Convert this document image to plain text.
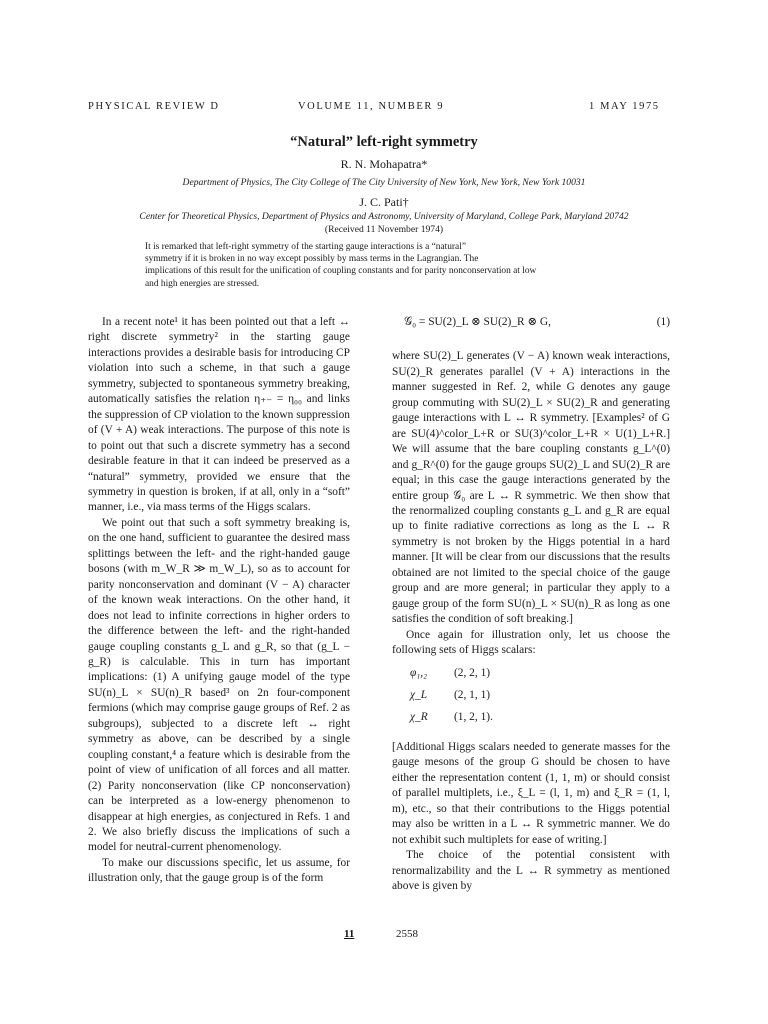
PHYSICAL REVIEW D	VOLUME 11, NUMBER 9	1 MAY 1975
“Natural” left-right symmetry
R. N. Mohapatra*
Department of Physics, The City College of The City University of New York, New York, New York 10031
J. C. Pati†
Center for Theoretical Physics, Department of Physics and Astronomy, University of Maryland, College Park, Maryland 20742
(Received 11 November 1974)

It is remarked that left-right symmetry of the starting gauge interactions is a “natural”

symmetry if it is broken in no way except possibly by mass terms in the Lagrangian. The

implications of this result for the unification of coupling constants and for parity nonconservation at low

and high energies are stressed.

In a recent note¹ it has been pointed out that a left ↔ right discrete symmetry² in the starting gauge interactions provides a desirable basis for introducing CP violation into such a scheme, in that such a gauge symmetry, subjected to spontaneous symmetry breaking, automatically satisfies the relation η₊₋ = η₀₀ and links the suppression of CP violation to the known suppression of (V + A) weak interactions. The purpose of this note is to point out that such a discrete symmetry has a second desirable feature in that it can indeed be preserved as a “natural” symmetry, provided we ensure that the symmetry in question is broken, if at all, only in a “soft” manner, i.e., via mass terms of the Higgs scalars.

We point out that such a soft symmetry breaking is, on the one hand, sufficient to guarantee the desired mass splittings between the left- and the right-handed gauge bosons (with m_W_R ≫ m_W_L), so as to account for parity nonconservation and dominant (V − A) character of the known weak interactions. On the other hand, it does not lead to infinite corrections in higher orders to the difference between the left- and the right-handed gauge coupling constants g_L and g_R, so that (g_L − g_R) is calculable. This in turn has important implications: (1) A unifying gauge model of the type SU(n)_L × SU(n)_R based³ on 2n four-component fermions (which may comprise gauge groups of Ref. 2 as subgroups), subjected to a discrete left ↔ right symmetry as above, can be described by a single coupling constant,⁴ a feature which is desirable from the point of view of unification of all forces and all matter. (2) Parity nonconservation (like CP nonconservation) can be interpreted as a low-energy phenomenon to disappear at high energies, as conjectured in Refs. 1 and 2. We also briefly discuss the implications of such a model for neutral-current phenomenology.

To make our discussions specific, let us assume, for illustration only, that the gauge group is of the form

𝒢₀ = SU(2)_L ⊗ SU(2)_R ⊗ G,	(1)

where SU(2)_L generates (V − A) known weak interactions, SU(2)_R generates parallel (V + A) interactions in the manner suggested in Ref. 2, while G denotes any gauge group commuting with SU(2)_L × SU(2)_R and generating gauge interactions with L ↔ R symmetry. [Examples² of G are SU(4)^color_L+R or SU(3)^color_L+R × U(1)_L+R.] We will assume that the bare coupling constants g_L^(0) and g_R^(0) for the gauge groups SU(2)_L and SU(2)_R are equal; in this case the gauge interactions generated by the entire group 𝒢₀ are L ↔ R symmetric. We then show that the renormalized coupling constants g_L and g_R are equal up to finite radiative corrections as long as the L ↔ R symmetry is not broken by the Higgs potential in a hard manner. [It will be clear from our discussions that the results obtained are not limited to the special choice of the gauge group and are more general; in particular they apply to a gauge group of the form SU(n)_L × SU(n)_R as long as one satisfies the condition of soft breaking.]

Once again for illustration only, let us choose the following sets of Higgs scalars:

φ₁,₂	(2, 2, 1)
χ_L	(2, 1, 1)
χ_R	(1, 2, 1).

[Additional Higgs scalars needed to generate masses for the gauge mesons of the group G should be chosen to have either the representation content (1, 1, m) or should consist of parallel multiplets, i.e., ξ_L = (l, 1, m) and ξ_R = (1, l, m), etc., so that their contributions to the Higgs potential may also be written in a L ↔ R symmetric manner. We do not exhibit such multiplets for ease of writing.]

The choice of the potential consistent with renormalizability and the L ↔ R symmetry as mentioned above is given by

11	2558
